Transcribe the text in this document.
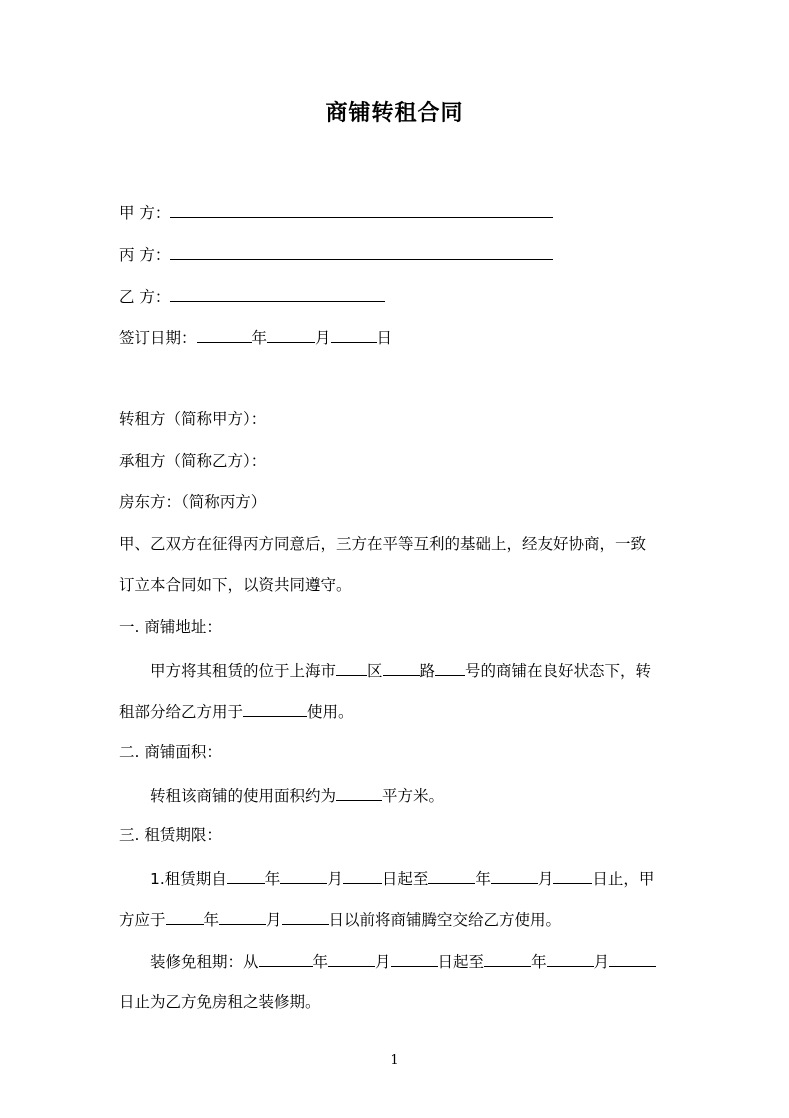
商铺转租合同
甲 方：
丙 方：
乙 方：
签订日期：	年	月	日
转租方（简称甲方）：
承租方（简称乙方）：
房东方：（简称丙方）
甲、乙双方在征得丙方同意后，三方在平等互利的基础上，经友好协商，一致
订立本合同如下，以资共同遵守。
一. 商铺地址：
甲方将其租赁的位于上海市 区 路 号的商铺在良好状态下，转
租部分给乙方用于	使用。
二. 商铺面积：
转租该商铺的使用面积约为	平方米。
三. 租赁期限：
1.租赁期自 年	月	日起至	年	月	日止，甲
方应于 年	月	日以前将商铺腾空交给乙方使用。
装修免租期：从	年	月	日起至	年	月
日止为乙方免房租之装修期。
1
